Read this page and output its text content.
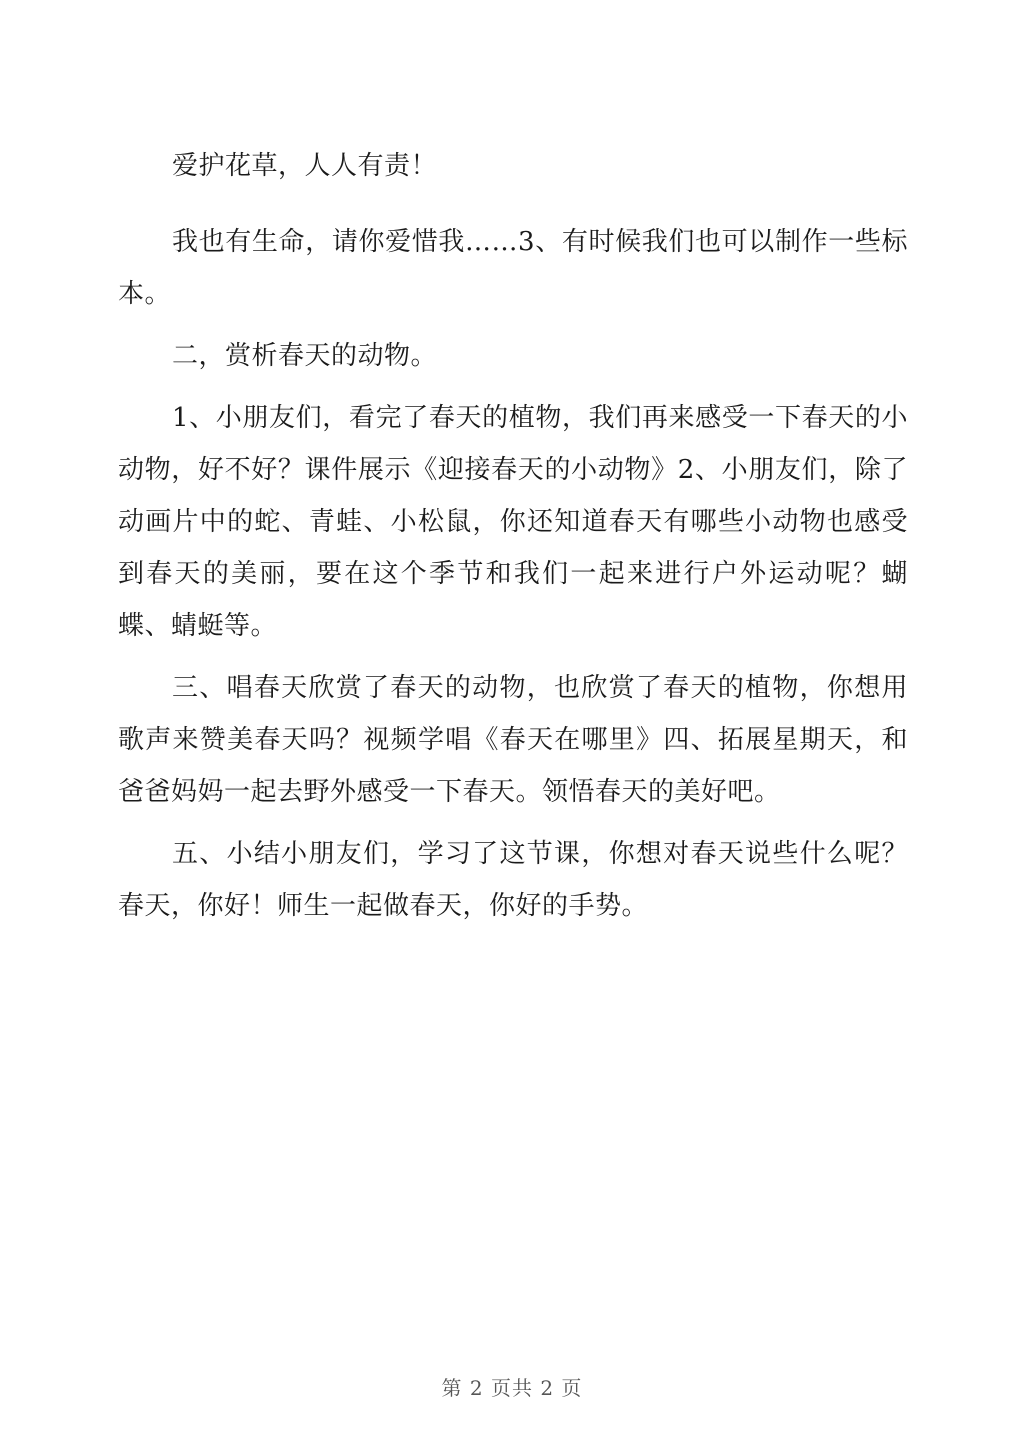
爱护花草，人人有责！

我也有生命，请你爱惜我……3、有时候我们也可以制作一些标本。

二，赏析春天的动物。

1、小朋友们，看完了春天的植物，我们再来感受一下春天的小动物，好不好？课件展示《迎接春天的小动物》2、小朋友们，除了动画片中的蛇、青蛙、小松鼠，你还知道春天有哪些小动物也感受到春天的美丽，要在这个季节和我们一起来进行户外运动呢？蝴蝶、蜻蜓等。

三、唱春天欣赏了春天的动物，也欣赏了春天的植物，你想用歌声来赞美春天吗？视频学唱《春天在哪里》四、拓展星期天，和爸爸妈妈一起去野外感受一下春天。领悟春天的美好吧。

五、小结小朋友们，学习了这节课，你想对春天说些什么呢？春天，你好！师生一起做春天，你好的手势。

第 2 页共 2 页
